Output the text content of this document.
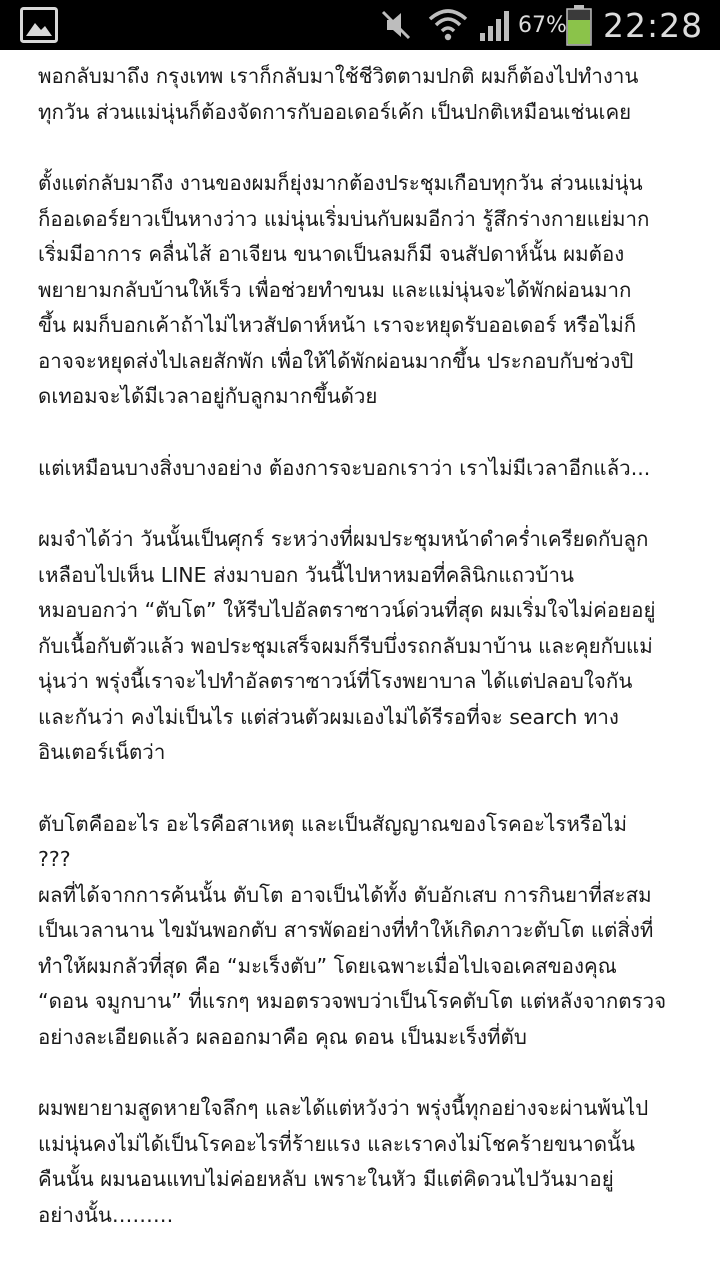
67% 22:28

พอกลับมาถึง กรุงเทพ เราก็กลับมาใช้ชีวิตตามปกติ ผมก็ต้องไปทำงาน
ทุกวัน ส่วนแม่นุ่นก็ต้องจัดการกับออเดอร์เค้ก เป็นปกติเหมือนเช่นเคย

ตั้งแต่กลับมาถึง งานของผมก็ยุ่งมากต้องประชุมเกือบทุกวัน ส่วนแม่นุ่น
ก็ออเดอร์ยาวเป็นหางว่าว แม่นุ่นเริ่มบ่นกับผมอีกว่า รู้สึกร่างกายแย่มาก
เริ่มมีอาการ คลื่นไส้ อาเจียน ขนาดเป็นลมก็มี จนสัปดาห์นั้น ผมต้อง
พยายามกลับบ้านให้เร็ว เพื่อช่วยทำขนม และแม่นุ่นจะได้พักผ่อนมาก
ขึ้น ผมก็บอกเค้าถ้าไม่ไหวสัปดาห์หน้า เราจะหยุดรับออเดอร์ หรือไม่ก็
อาจจะหยุดส่งไปเลยสักพัก เพื่อให้ได้พักผ่อนมากขึ้น ประกอบกับช่วงปิ
ดเทอมจะได้มีเวลาอยู่กับลูกมากขึ้นด้วย

แต่เหมือนบางสิ่งบางอย่าง ต้องการจะบอกเราว่า เราไม่มีเวลาอีกแล้ว...

ผมจำได้ว่า วันนั้นเป็นศุกร์ ระหว่างที่ผมประชุมหน้าดำคร่ำเครียดกับลูก
เหลือบไปเห็น LINE ส่งมาบอก วันนี้ไปหาหมอที่คลินิกแถวบ้าน
หมอบอกว่า “ตับโต” ให้รีบไปอัลตราซาวน์ด่วนที่สุด ผมเริ่มใจไม่ค่อยอยู่
กับเนื้อกับตัวแล้ว พอประชุมเสร็จผมก็รีบบึ่งรถกลับมาบ้าน และคุยกับแม่
นุ่นว่า พรุ่งนี้เราจะไปทำอัลตราซาวน์ที่โรงพยาบาล ได้แต่ปลอบใจกัน
และกันว่า คงไม่เป็นไร แต่ส่วนตัวผมเองไม่ได้รีรอที่จะ search ทาง
อินเตอร์เน็ตว่า

ตับโตคืออะไร อะไรคือสาเหตุ และเป็นสัญญาณของโรคอะไรหรือไม่
???
ผลที่ได้จากการค้นนั้น ตับโต อาจเป็นได้ทั้ง ตับอักเสบ การกินยาที่สะสม
เป็นเวลานาน ไขมันพอกตับ สารพัดอย่างที่ทำให้เกิดภาวะตับโต แต่สิ่งที่
ทำให้ผมกลัวที่สุด คือ “มะเร็งตับ” โดยเฉพาะเมื่อไปเจอเคสของคุณ
“ดอน จมูกบาน” ที่แรกๆ หมอตรวจพบว่าเป็นโรคตับโต แต่หลังจากตรวจ
อย่างละเอียดแล้ว ผลออกมาคือ คุณ ดอน เป็นมะเร็งที่ตับ

ผมพยายามสูดหายใจลึกๆ และได้แต่หวังว่า พรุ่งนี้ทุกอย่างจะผ่านพ้นไป
แม่นุ่นคงไม่ได้เป็นโรคอะไรที่ร้ายแรง และเราคงไม่โชคร้ายขนาดนั้น
คืนนั้น ผมนอนแทบไม่ค่อยหลับ เพราะในหัว มีแต่คิดวนไปวันมาอยู่
อย่างนั้น………
